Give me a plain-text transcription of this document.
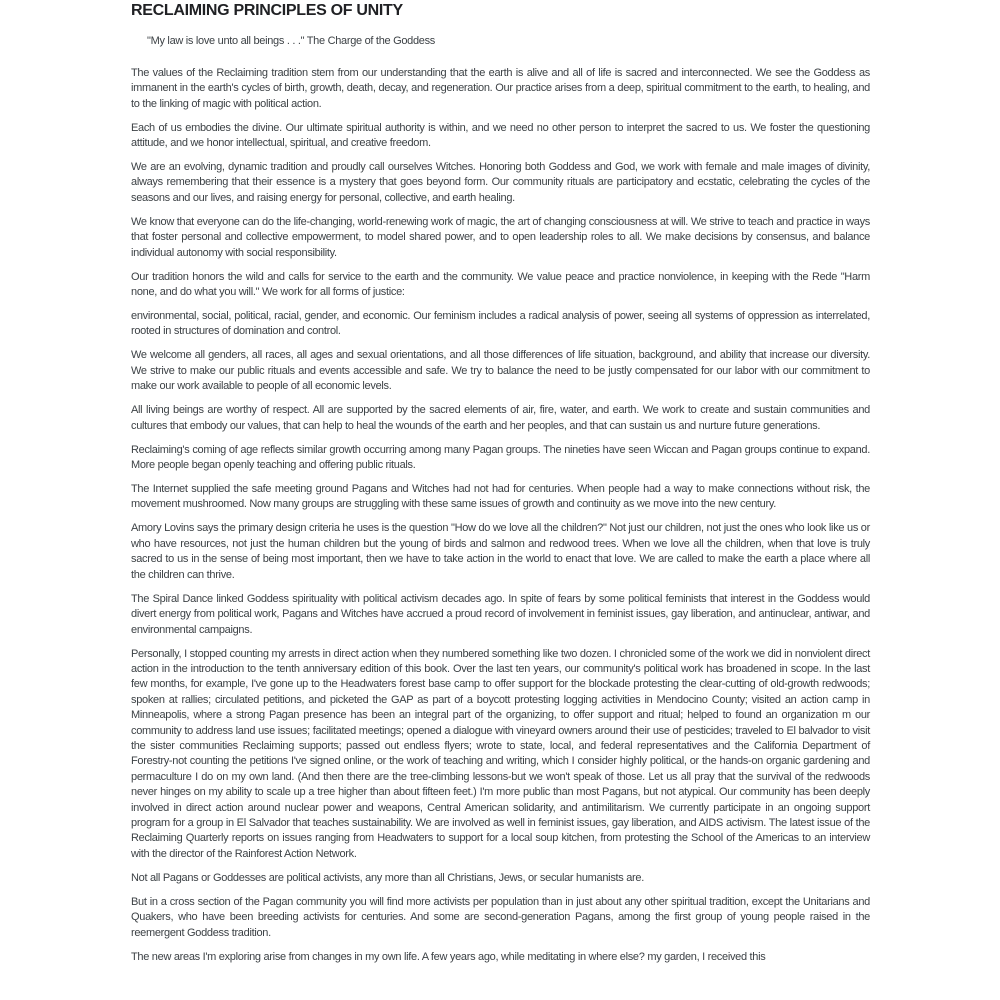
RECLAIMING PRINCIPLES OF UNITY
"My law is love unto all beings . . ." The Charge of the Goddess

The values of the Reclaiming tradition stem from our understanding that the earth is alive and all of life is sacred and interconnected. We see the Goddess as immanent in the earth's cycles of birth, growth, death, decay, and regeneration. Our practice arises from a deep, spiritual commitment to the earth, to healing, and to the linking of magic with political action.

Each of us embodies the divine. Our ultimate spiritual authority is within, and we need no other person to interpret the sacred to us. We foster the questioning attitude, and we honor intellectual, spiritual, and creative freedom.

We are an evolving, dynamic tradition and proudly call ourselves Witches. Honoring both Goddess and God, we work with female and male images of divinity, always remembering that their essence is a mystery that goes beyond form. Our community rituals are participatory and ecstatic, celebrating the cycles of the seasons and our lives, and raising energy for personal, collective, and earth healing.

We know that everyone can do the life-changing, world-renewing work of magic, the art of changing consciousness at will. We strive to teach and practice in ways that foster personal and collective empowerment, to model shared power, and to open leadership roles to all. We make decisions by consensus, and balance individual autonomy with social responsibility.

Our tradition honors the wild and calls for service to the earth and the community. We value peace and practice nonviolence, in keeping with the Rede "Harm none, and do what you will." We work for all forms of justice:

environmental, social, political, racial, gender, and economic. Our feminism includes a radical analysis of power, seeing all systems of oppression as interrelated, rooted in structures of domination and control.

We welcome all genders, all races, all ages and sexual orientations, and all those differences of life situation, background, and ability that increase our diversity. We strive to make our public rituals and events accessible and safe. We try to balance the need to be justly compensated for our labor with our commitment to make our work available to people of all economic levels.

All living beings are worthy of respect. All are supported by the sacred elements of air, fire, water, and earth. We work to create and sustain communities and cultures that embody our values, that can help to heal the wounds of the earth and her peoples, and that can sustain us and nurture future generations.

Reclaiming's coming of age reflects similar growth occurring among many Pagan groups. The nineties have seen Wiccan and Pagan groups continue to expand. More people began openly teaching and offering public rituals.

The Internet supplied the safe meeting ground Pagans and Witches had not had for centuries. When people had a way to make connections without risk, the movement mushroomed. Now many groups are struggling with these same issues of growth and continuity as we move into the new century.

Amory Lovins says the primary design criteria he uses is the question "How do we love all the children?" Not just our children, not just the ones who look like us or who have resources, not just the human children but the young of birds and salmon and redwood trees. When we love all the children, when that love is truly sacred to us in the sense of being most important, then we have to take action in the world to enact that love. We are called to make the earth a place where all the children can thrive.

The Spiral Dance linked Goddess spirituality with political activism decades ago. In spite of fears by some political feminists that interest in the Goddess would divert energy from political work, Pagans and Witches have accrued a proud record of involvement in feminist issues, gay liberation, and antinuclear, antiwar, and environmental campaigns.

Personally, I stopped counting my arrests in direct action when they numbered something like two dozen. I chronicled some of the work we did in nonviolent direct action in the introduction to the tenth anniversary edition of this book. Over the last ten years, our community's political work has broadened in scope. In the last few months, for example, I've gone up to the Headwaters forest base camp to offer support for the blockade protesting the clear-cutting of old-growth redwoods; spoken at rallies; circulated petitions, and picketed the GAP as part of a boycott protesting logging activities in Mendocino County; visited an action camp in Minneapolis, where a strong Pagan presence has been an integral part of the organizing, to offer support and ritual; helped to found an organization m our community to address land use issues; facilitated meetings; opened a dialogue with vineyard owners around their use of pesticides; traveled to El balvador to visit the sister communities Reclaiming supports; passed out endless flyers; wrote to state, local, and federal representatives and the California Department of Forestry-not counting the petitions I've signed online, or the work of teaching and writing, which I consider highly political, or the hands-on organic gardening and permaculture I do on my own land. (And then there are the tree-climbing lessons-but we won't speak of those. Let us all pray that the survival of the redwoods never hinges on my ability to scale up a tree higher than about fifteen feet.) I'm more public than most Pagans, but not atypical. Our community has been deeply involved in direct action around nuclear power and weapons, Central American solidarity, and antimilitarism. We currently participate in an ongoing support program for a group in El Salvador that teaches sustainability. We are involved as well in feminist issues, gay liberation, and AIDS activism. The latest issue of the Reclaiming Quarterly reports on issues ranging from Headwaters to support for a local soup kitchen, from protesting the School of the Americas to an interview with the director of the Rainforest Action Network.

Not all Pagans or Goddesses are political activists, any more than all Christians, Jews, or secular humanists are.

But in a cross section of the Pagan community you will find more activists per population than in just about any other spiritual tradition, except the Unitarians and Quakers, who have been breeding activists for centuries. And some are second-generation Pagans, among the first group of young people raised in the reemergent Goddess tradition.

The new areas I'm exploring arise from changes in my own life. A few years ago, while meditating in where else? my garden, I received this
